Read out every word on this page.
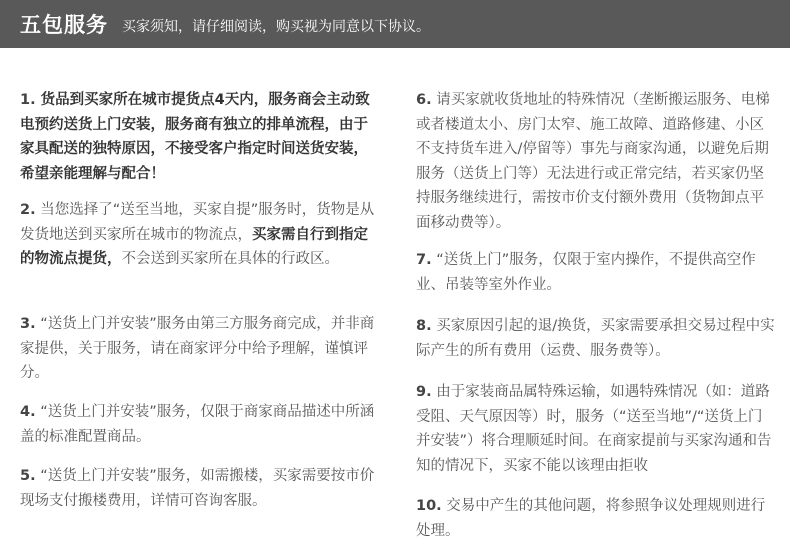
五包服务 买家须知，请仔细阅读，购买视为同意以下协议。
1. 货品到买家所在城市提货点4天内，服务商会主动致电预约送货上门安装，服务商有独立的排单流程，由于家具配送的独特原因，不接受客户指定时间送货安装，希望亲能理解与配合！
2. 当您选择了“送至当地，买家自提”服务时，货物是从发货地送到买家所在城市的物流点，买家需自行到指定的物流点提货，不会送到买家所在具体的行政区。
3. “送货上门并安装”服务由第三方服务商完成，并非商家提供，关于服务，请在商家评分中给予理解，谨慎评分。
4. “送货上门并安装”服务，仅限于商家商品描述中所涵盖的标准配置商品。
5. “送货上门并安装”服务，如需搬楼，买家需要按市价现场支付搬楼费用，详情可咨询客服。
6. 请买家就收货地址的特殊情况（垄断搬运服务、电梯或者楼道太小、房门太窄、施工故障、道路修建、小区不支持货车进入/停留等）事先与商家沟通，以避免后期服务（送货上门等）无法进行或正常完结，若买家仍坚持服务继续进行，需按市价支付额外费用（货物卸点平面移动费等）。
7. “送货上门”服务，仅限于室内操作，不提供高空作业、吊装等室外作业。
8. 买家原因引起的退/换货，买家需要承担交易过程中实际产生的所有费用（运费、服务费等）。
9. 由于家装商品属特殊运输，如遇特殊情况（如：道路受阻、天气原因等）时，服务（“送至当地”/“送货上门并安装”）将合理顺延时间。在商家提前与买家沟通和告知的情况下，买家不能以该理由拒收
10. 交易中产生的其他问题，将参照争议处理规则进行处理。
